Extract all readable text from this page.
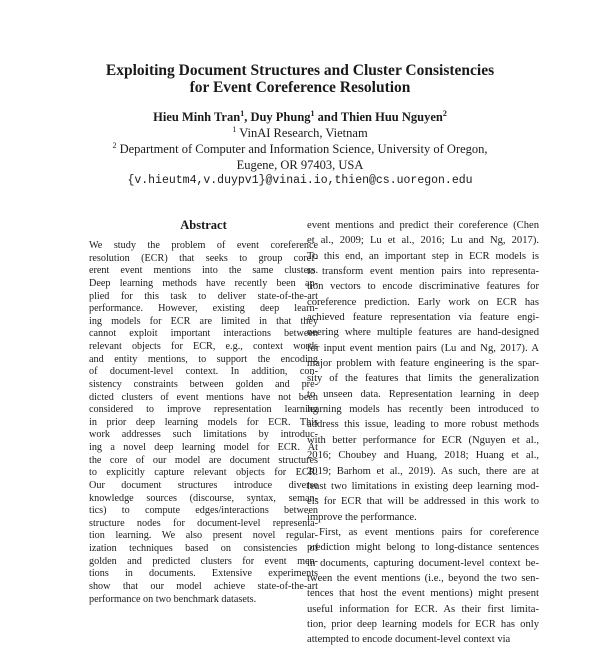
Exploiting Document Structures and Cluster Consistencies
for Event Coreference Resolution
Hieu Minh Tran$^1$, Duy Phung$^1$ and Thien Huu Nguyen$^2$
$^1$ VinAI Research, Vietnam
$^2$ Department of Computer and Information Science, University of Oregon,
Eugene, OR 97403, USA
{v.hieutm4,v.duypv1}@vinai.io,thien@cs.uoregon.edu
Abstract
We study the problem of event coreference
resolution (ECR) that seeks to group coref-
erent event mentions into the same clusters.
Deep learning methods have recently been ap-
plied for this task to deliver state-of-the-art
performance. However, existing deep learn-
ing models for ECR are limited in that they
cannot exploit important interactions between
relevant objects for ECR, e.g., context words
and entity mentions, to support the encoding
of document-level context. In addition, con-
sistency constraints between golden and pre-
dicted clusters of event mentions have not been
considered to improve representation learning
in prior deep learning models for ECR. This
work addresses such limitations by introduc-
ing a novel deep learning model for ECR. At
the core of our model are document structures
to explicitly capture relevant objects for ECR.
Our document structures introduce diverse
knowledge sources (discourse, syntax, seman-
tics) to compute edges/interactions between
structure nodes for document-level representa-
tion learning. We also present novel regular-
ization techniques based on consistencies of
golden and predicted clusters for event men-
tions in documents. Extensive experiments
show that our model achieve state-of-the-art
performance on two benchmark datasets.
event mentions and predict their coreference (Chen
et al., 2009; Lu et al., 2016; Lu and Ng, 2017).
To this end, an important step in ECR models is
to transform event mention pairs into representa-
tion vectors to encode discriminative features for
coreference prediction. Early work on ECR has
achieved feature representation via feature engi-
neering where multiple features are hand-designed
for input event mention pairs (Lu and Ng, 2017). A
major problem with feature engineering is the spar-
sity of the features that limits the generalization
to unseen data. Representation learning in deep
learning models has recently been introduced to
address this issue, leading to more robust methods
with better performance for ECR (Nguyen et al.,
2016; Choubey and Huang, 2018; Huang et al.,
2019; Barhom et al., 2019). As such, there are at
least two limitations in existing deep learning mod-
els for ECR that will be addressed in this work to
improve the performance.
First, as event mentions pairs for coreference
prediction might belong to long-distance sentences
in documents, capturing document-level context be-
tween the event mentions (i.e., beyond the two sen-
tences that host the event mentions) might present
useful information for ECR. As their first limita-
tion, prior deep learning models for ECR has only
attempted to encode document-level context via
